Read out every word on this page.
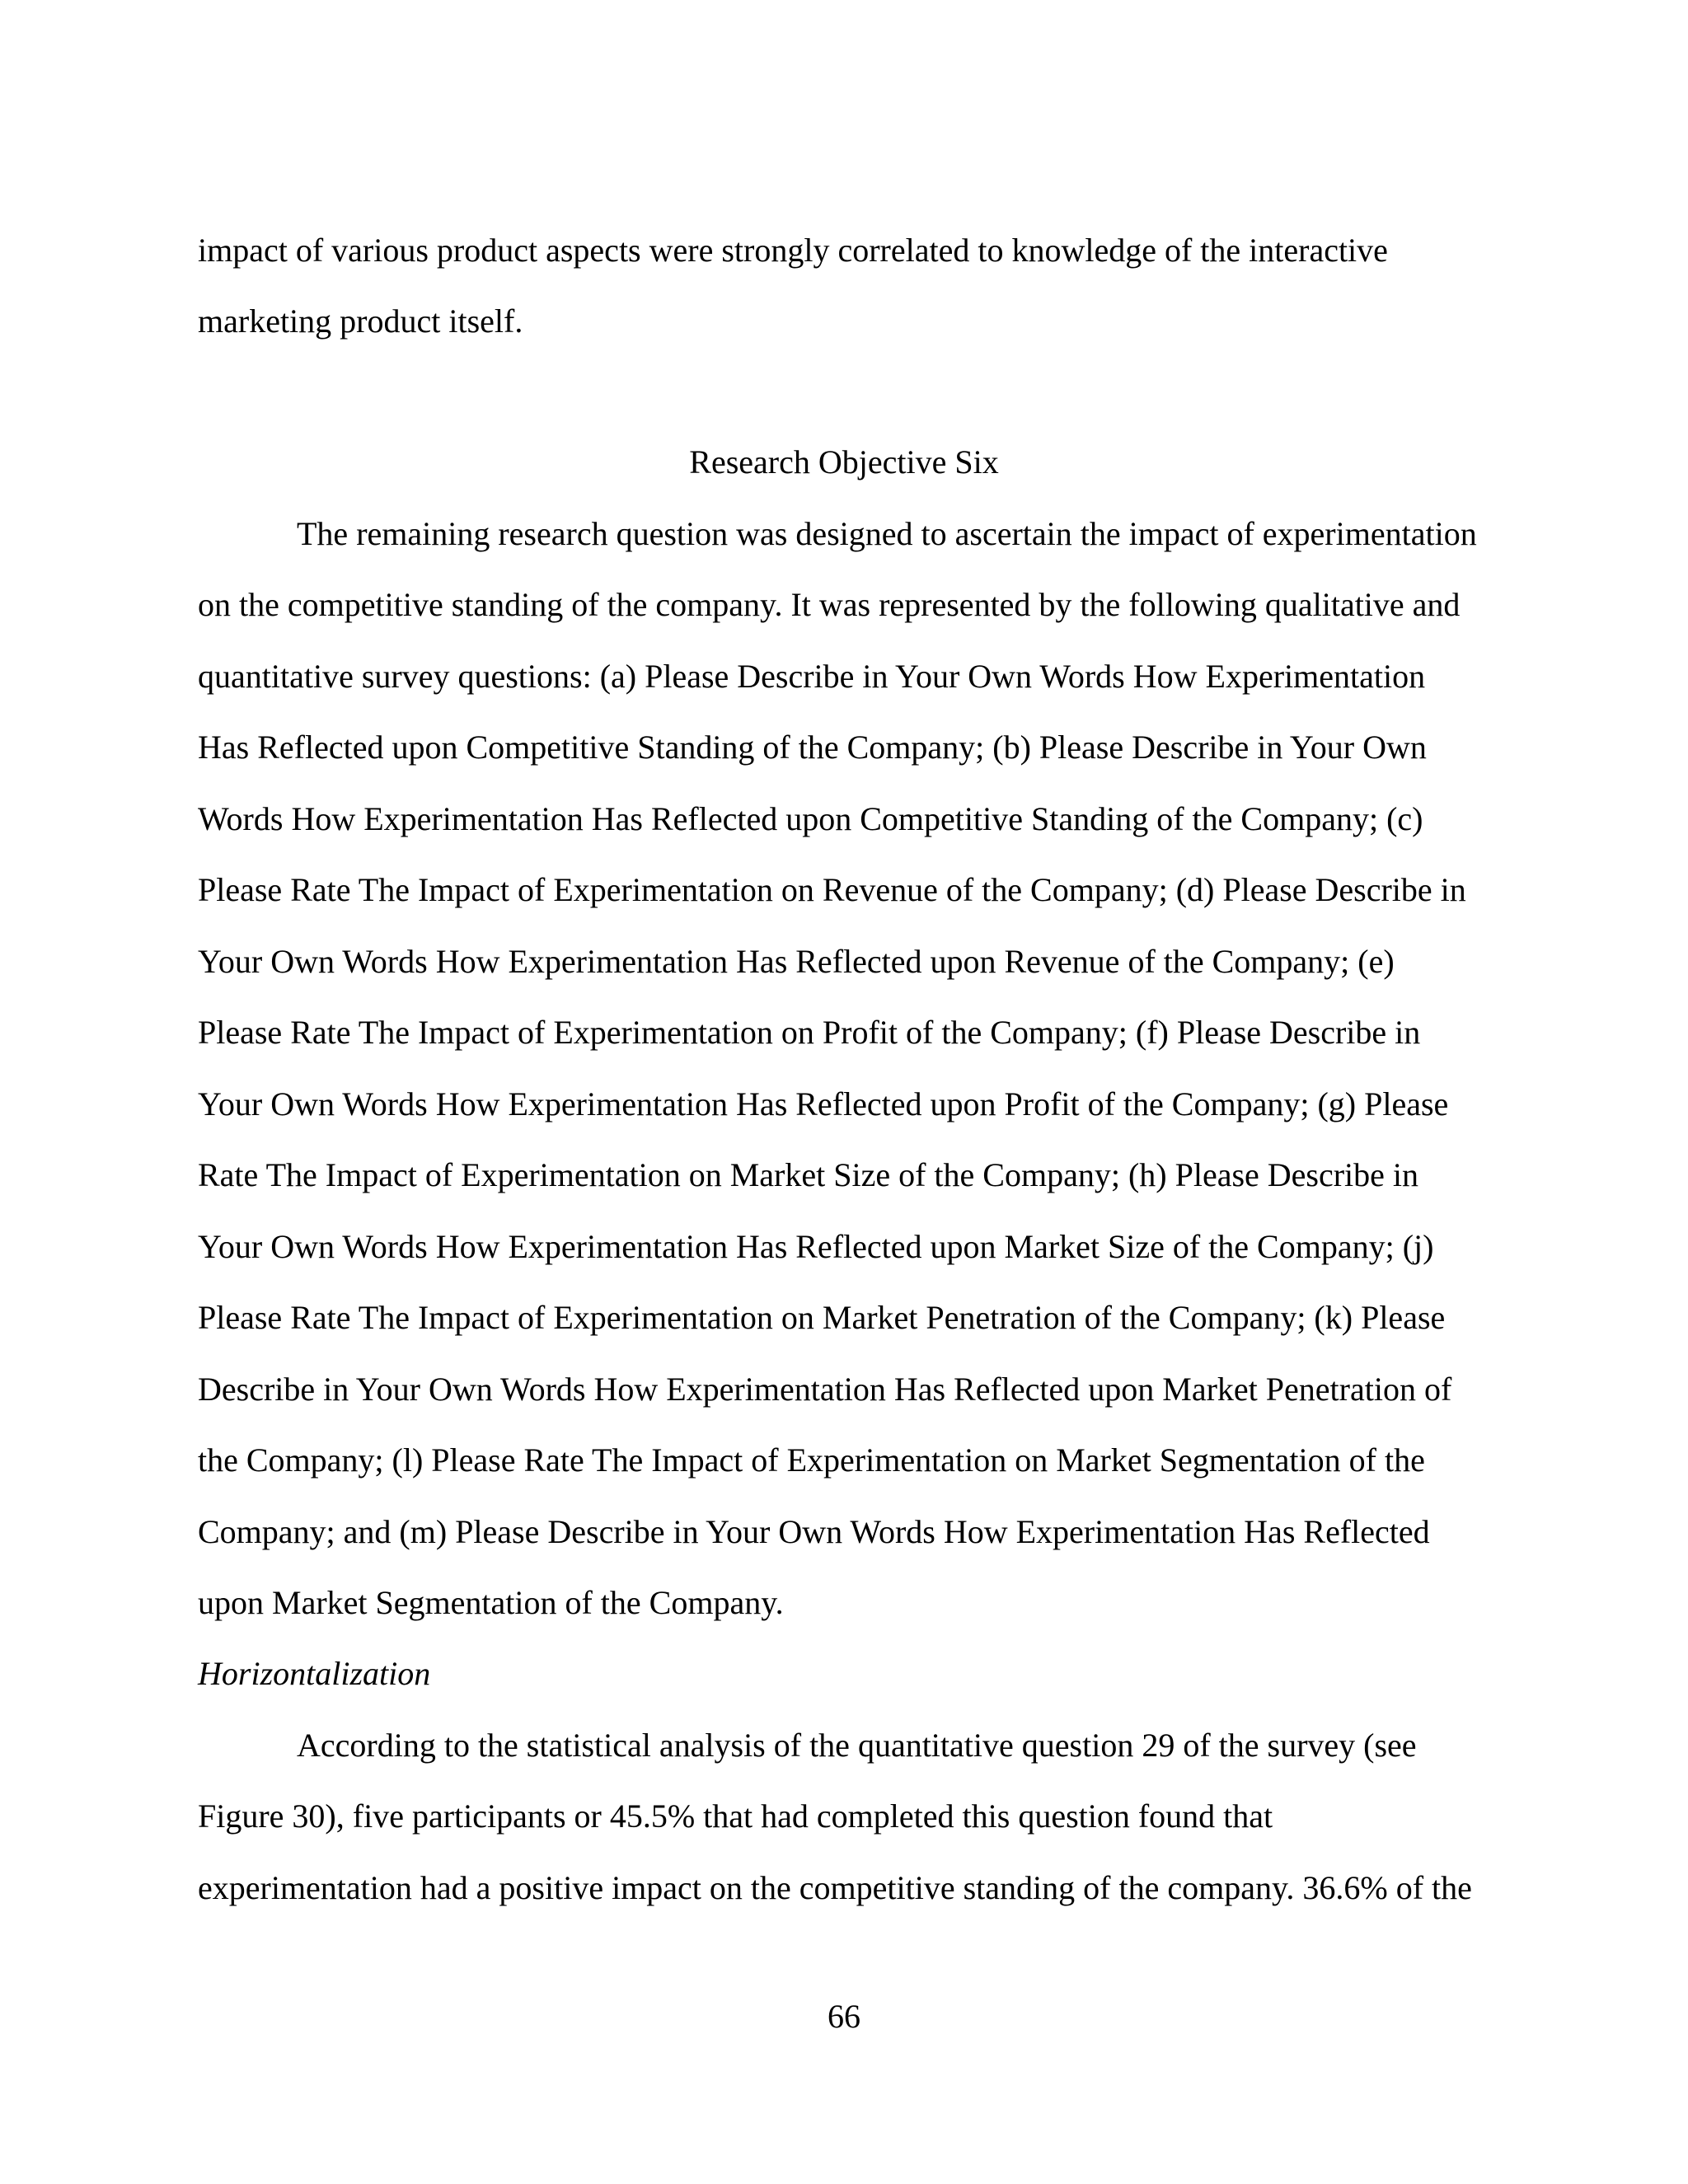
impact of various product aspects were strongly correlated to knowledge of the interactive

marketing product itself.

Research Objective Six

The remaining research question was designed to ascertain the impact of experimentation

on the competitive standing of the company. It was represented by the following qualitative and

quantitative survey questions: (a) Please Describe in Your Own Words How Experimentation

Has Reflected upon Competitive Standing of the Company; (b) Please Describe in Your Own

Words How Experimentation Has Reflected upon Competitive Standing of the Company; (c)

Please Rate The Impact of Experimentation on Revenue of the Company; (d) Please Describe in

Your Own Words How Experimentation Has Reflected upon Revenue of the Company; (e)

Please Rate The Impact of Experimentation on Profit of the Company; (f) Please Describe in

Your Own Words How Experimentation Has Reflected upon Profit of the Company; (g) Please

Rate The Impact of Experimentation on Market Size of the Company; (h) Please Describe in

Your Own Words How Experimentation Has Reflected upon Market Size of the Company; (j)

Please Rate The Impact of Experimentation on Market Penetration of the Company; (k) Please

Describe in Your Own Words How Experimentation Has Reflected upon Market Penetration of

the Company; (l) Please Rate The Impact of Experimentation on Market Segmentation of the

Company; and (m) Please Describe in Your Own Words How Experimentation Has Reflected

upon Market Segmentation of the Company.

Horizontalization

According to the statistical analysis of the quantitative question 29 of the survey (see

Figure 30), five participants or 45.5% that had completed this question found that

experimentation had a positive impact on the competitive standing of the company. 36.6% of the

66
